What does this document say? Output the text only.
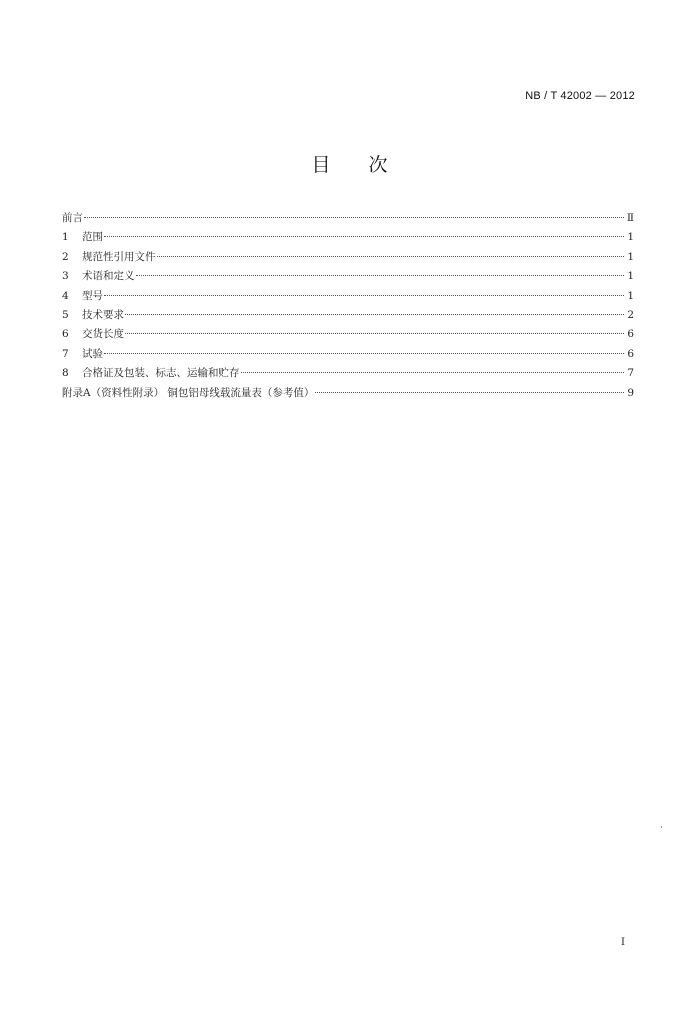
NB / T 42002 — 2012
目 次
前言	Ⅱ
1	范围	1
2	规范性引用文件	1
3	术语和定义	1
4	型号	1
5	技术要求	2
6	交货长度	6
7	试验	6
8	合格证及包装、标志、运输和贮存	7
附录A（资料性附录） 铜包铝母线载流量表（参考值）	9
I
